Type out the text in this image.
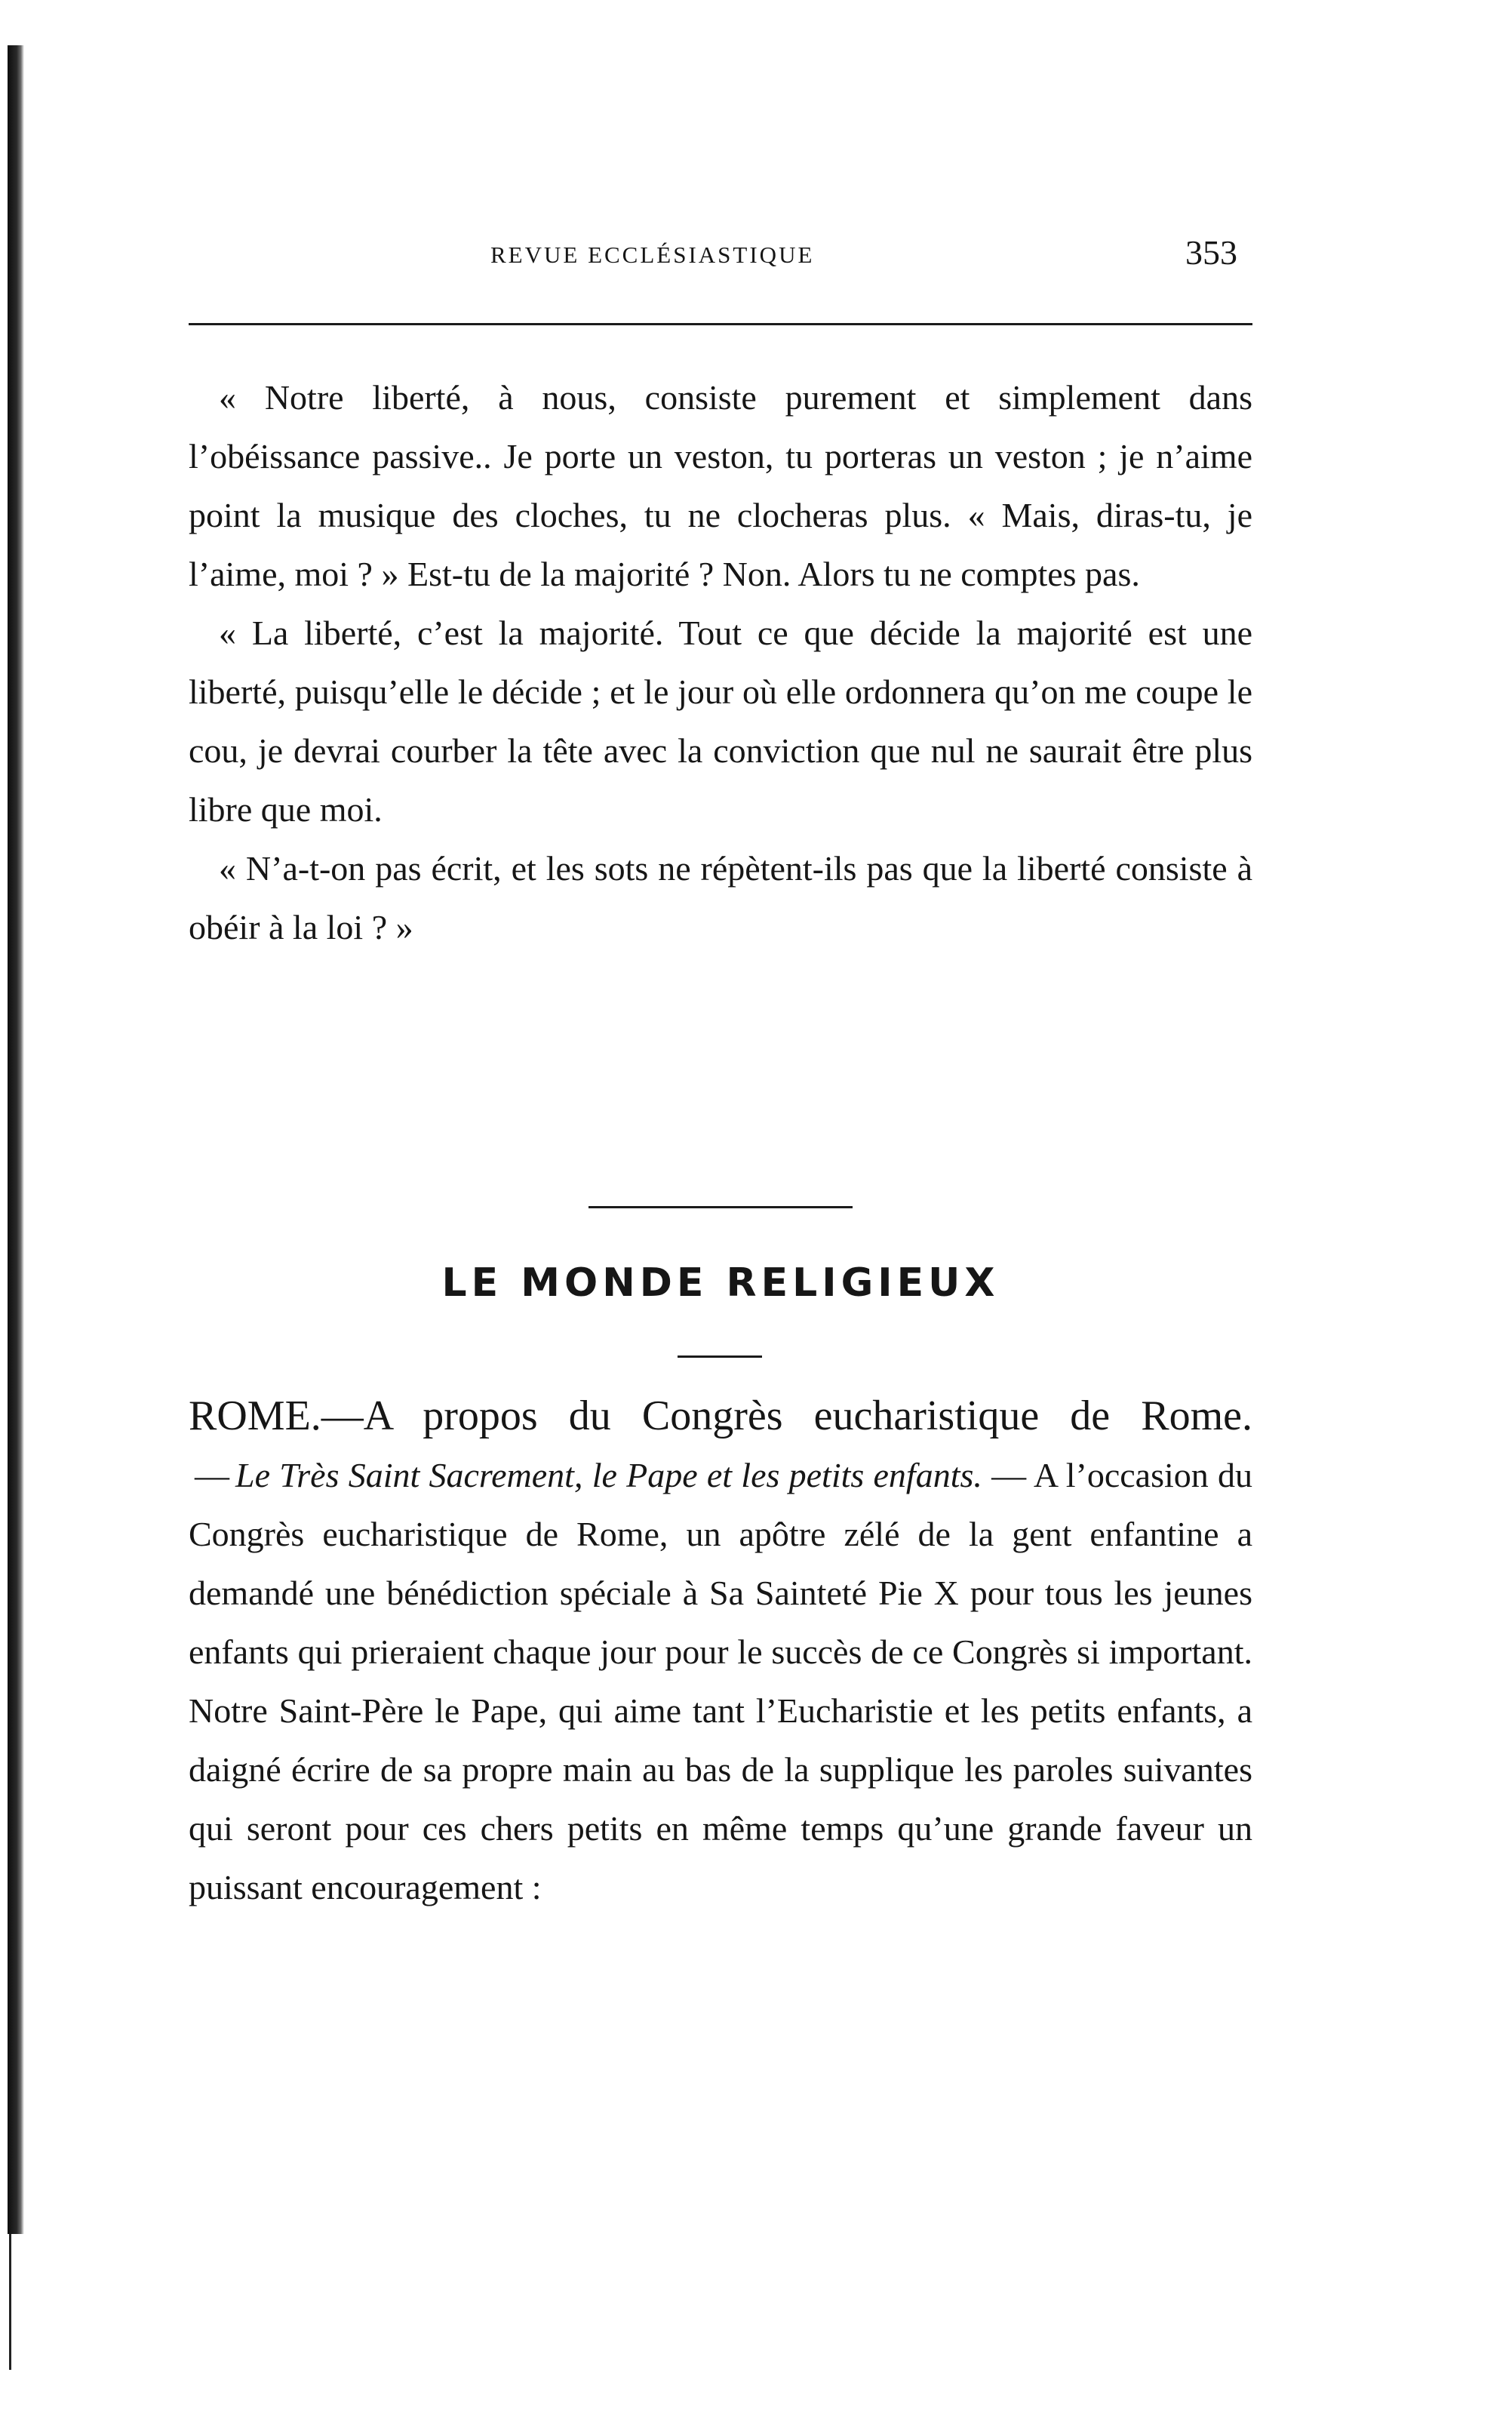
REVUE ECCLÉSIASTIQUE	353

« Notre liberté, à nous, consiste purement et simplement dans l’obéissance passive.. Je porte un veston, tu porteras un veston ; je n’aime point la musique des cloches, tu ne clocheras plus. « Mais, diras-tu, je l’aime, moi ? » Est-tu de la majorité ? Non. Alors tu ne comptes pas.

« La liberté, c’est la majorité. Tout ce que décide la majorité est une liberté, puisqu’elle le décide ; et le jour où elle ordonnera qu’on me coupe le cou, je devrai courber la tête avec la conviction que nul ne saurait être plus libre que moi.

« N’a-t-on pas écrit, et les sots ne répètent-ils pas que la liberté consiste à obéir à la loi ? »

LE MONDE RELIGIEUX

ROME.—A propos du Congrès eucharistique de Rome.

— Le Très Saint Sacrement, le Pape et les petits enfants. — A l’occasion du Congrès eucharistique de Rome, un apôtre zélé de la gent enfantine a demandé une bénédiction spéciale à Sa Sainteté Pie X pour tous les jeunes enfants qui prieraient chaque jour pour le succès de ce Congrès si important. Notre Saint-Père le Pape, qui aime tant l’Eucharistie et les petits enfants, a daigné écrire de sa propre main au bas de la supplique les paroles suivantes qui seront pour ces chers petits en même temps qu’une grande faveur un puissant encouragement :
